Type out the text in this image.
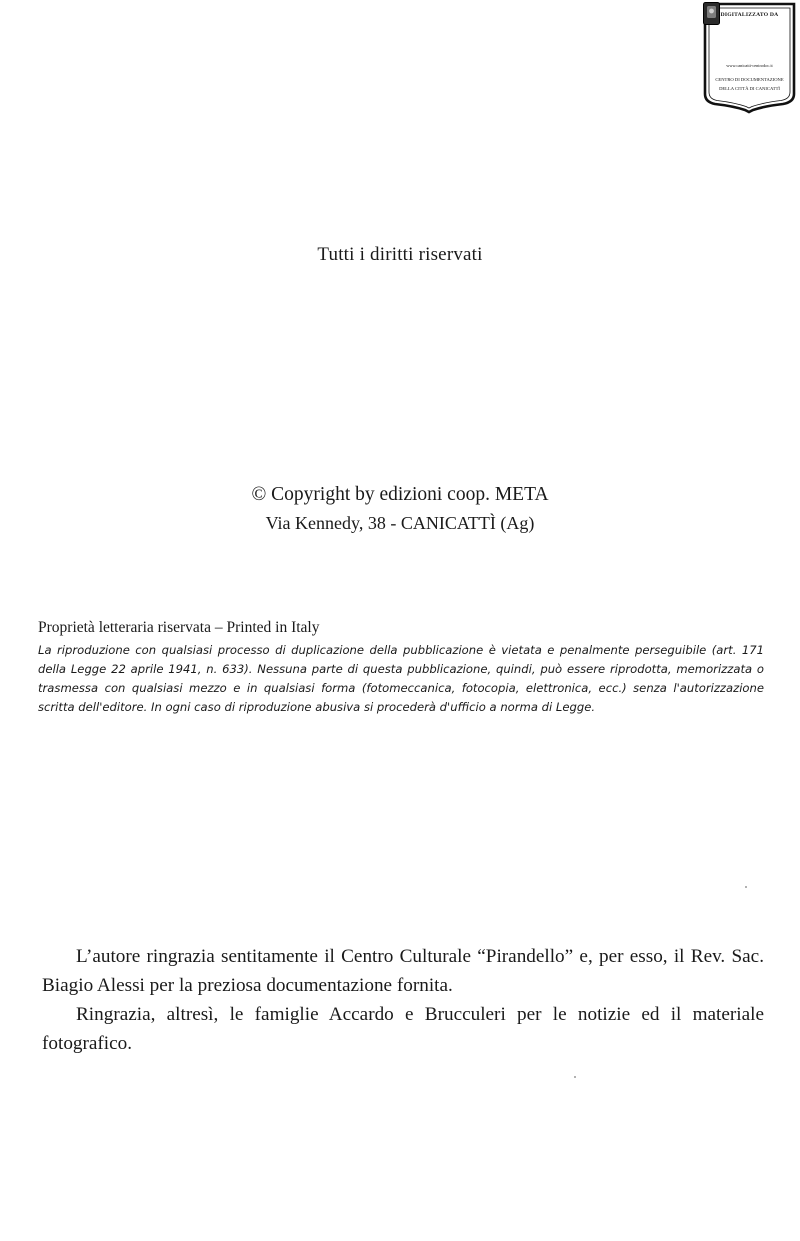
DIGITALIZZATO DA
www.canicatti-centrodoc.it
CENTRO DI DOCUMENTAZIONE
DELLA CITTÀ DI CANICATTÌ
Tutti i diritti riservati
© Copyright by edizioni coop. META
Via Kennedy, 38 - CANICATTÌ (Ag)
Proprietà letteraria riservata – Printed in Italy
La riproduzione con qualsiasi processo di duplicazione della pubblicazione è vietata e penalmente perseguibile (art. 171 della Legge 22 aprile 1941, n. 633). Nessuna parte di questa pubblicazione, quindi, può essere riprodotta, memorizzata o trasmessa con qualsiasi mezzo e in qualsiasi forma (fotomeccanica, fotocopia, elettronica, ecc.) senza l'autorizzazione scritta dell'editore. In ogni caso di riproduzione abusiva si procederà d'ufficio a norma di Legge.

L’autore ringrazia sentitamente il Centro Culturale “Pirandello” e, per esso, il Rev. Sac. Biagio Alessi per la preziosa documentazione fornita.

Ringrazia, altresì, le famiglie Accardo e Brucculeri per le notizie ed il materiale fotografico.
